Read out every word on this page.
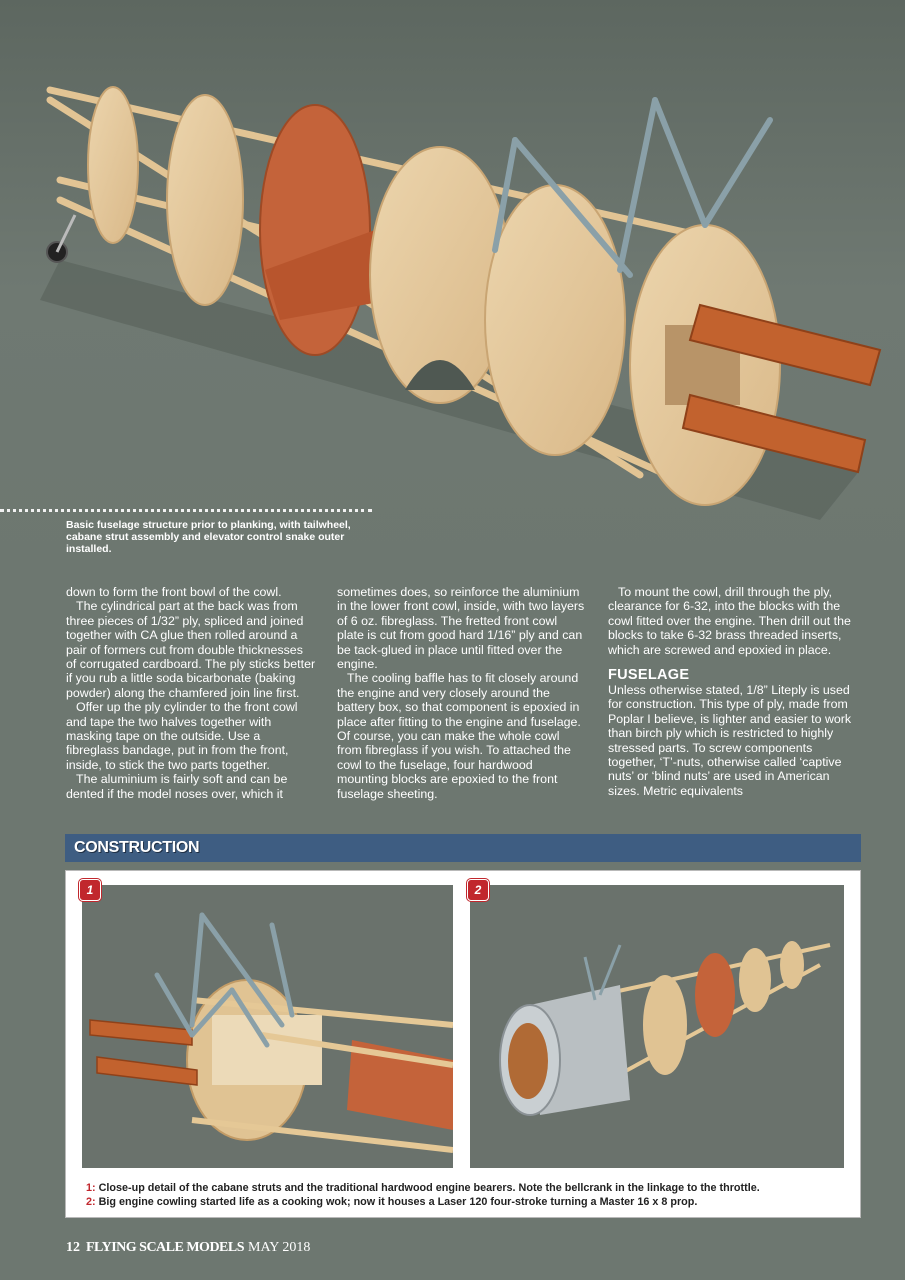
Basic fuselage structure prior to planking, with tailwheel, cabane strut assembly and elevator control snake outer installed.

down to form the front bowl of the cowl.

The cylindrical part at the back was from three pieces of 1/32” ply, spliced and joined together with CA glue then rolled around a pair of formers cut from double thicknesses of corrugated cardboard. The ply sticks better if you rub a little soda bicarbonate (baking powder) along the chamfered join line first.

Offer up the ply cylinder to the front cowl and tape the two halves together with masking tape on the outside. Use a fibreglass bandage, put in from the front, inside, to stick the two parts together.

The aluminium is fairly soft and can be dented if the model noses over, which it

sometimes does, so reinforce the aluminium in the lower front cowl, inside, with two layers of 6 oz. fibreglass. The fretted front cowl plate is cut from good hard 1/16” ply and can be tack-glued in place until fitted over the engine.

The cooling baffle has to fit closely around the engine and very closely around the battery box, so that component is epoxied in place after fitting to the engine and fuselage. Of course, you can make the whole cowl from fibreglass if you wish. To attached the cowl to the fuselage, four hardwood mounting blocks are epoxied to the front fuselage sheeting.

To mount the cowl, drill through the ply, clearance for 6-32, into the blocks with the cowl fitted over the engine. Then drill out the blocks to take 6-32 brass threaded inserts, which are screwed and epoxied in place.

FUSELAGE

Unless otherwise stated, 1/8” Liteply is used for construction. This type of ply, made from Poplar I believe, is lighter and easier to work than birch ply which is restricted to highly stressed parts. To screw components together, ‘T’-nuts, otherwise called ‘captive nuts’ or ‘blind nuts’ are used in American sizes. Metric equivalents

CONSTRUCTION
1	2
1: Close-up detail of the cabane struts and the traditional hardwood engine bearers. Note the bellcrank in the linkage to the throttle.
2: Big engine cowling started life as a cooking wok; now it houses a Laser 120 four-stroke turning a Master 16 x 8 prop.
12 FLYING SCALE MODELS MAY 2018
